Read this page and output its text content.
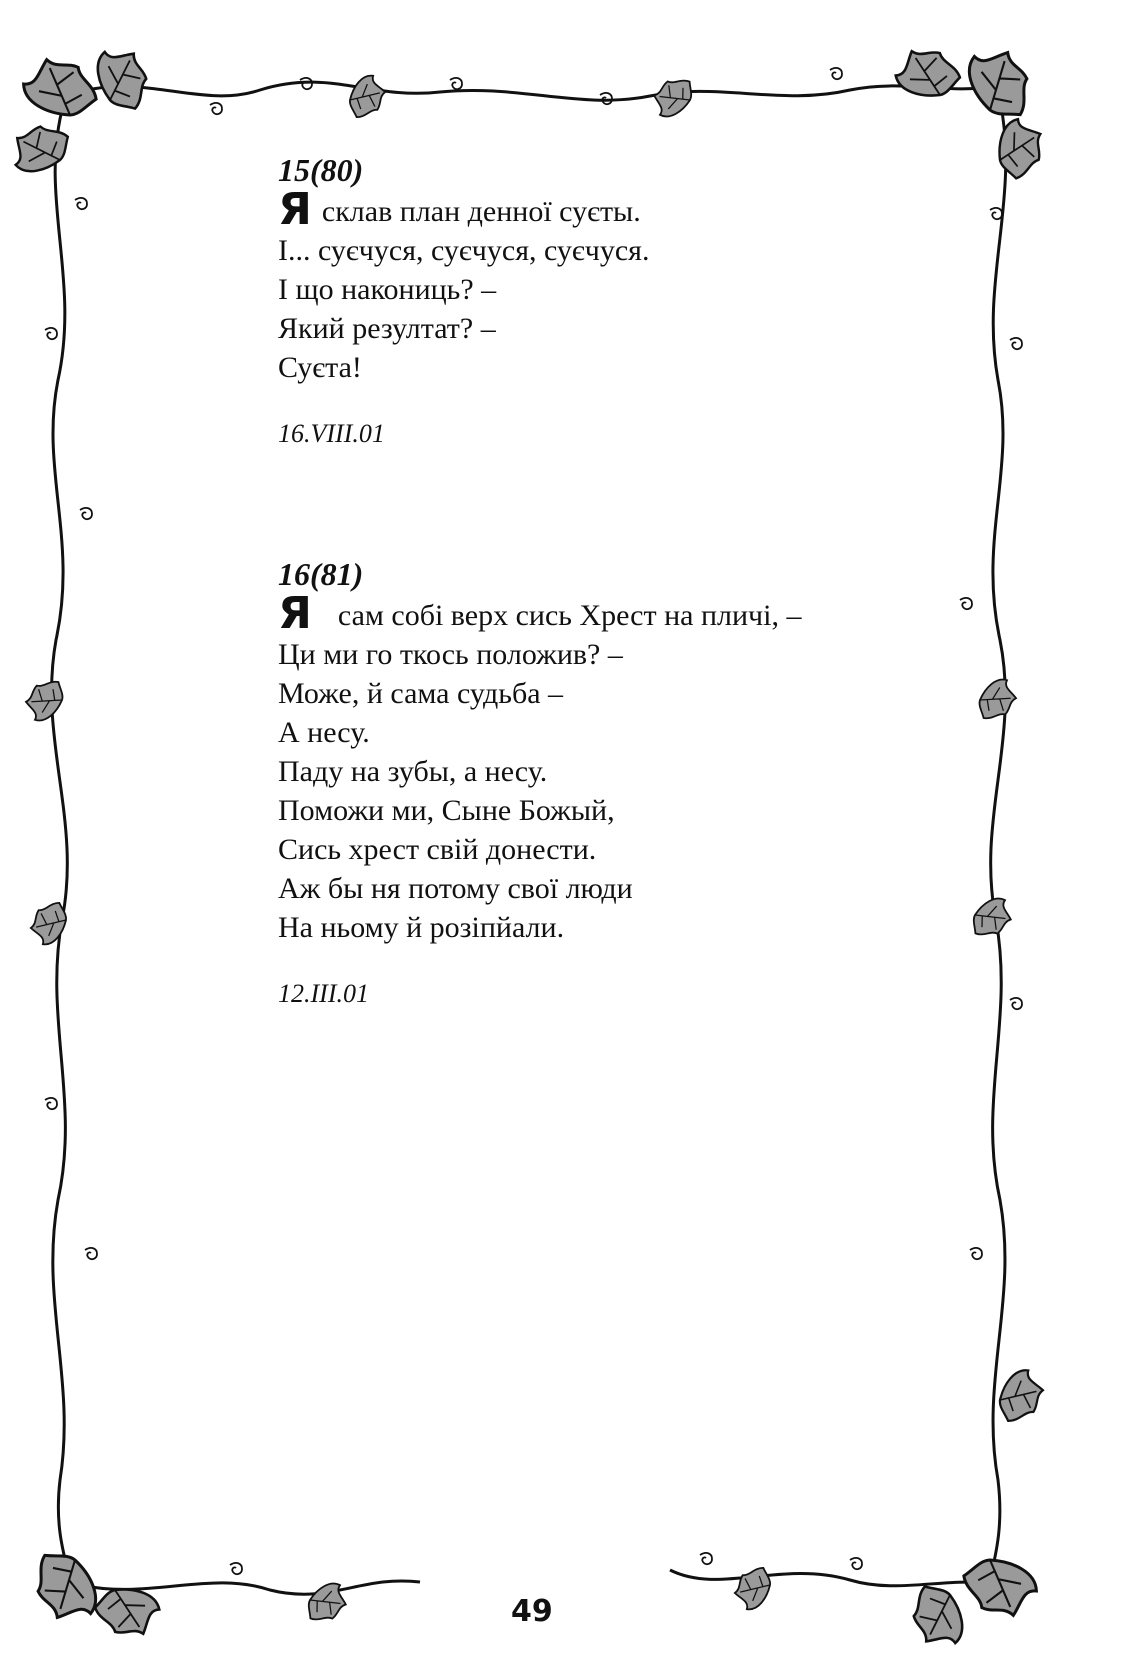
15(80)

Я склав план денної суєты.

І... суєчуся, суєчуся, суєчуся.

І що накониць? –

Який резултат? –

Суєта!

16.VIII.01

16(81)

Я сам собі верх сись Хрест на пличі, –

Ци ми го ткось положив? –

Може, й сама судьба –

А несу.

Паду на зубы, а несу.

Поможи ми, Сыне Божый,

Сись хрест свій донести.

Аж бы ня потому свої люди

На ньому й розіпйали.

12.III.01

49
